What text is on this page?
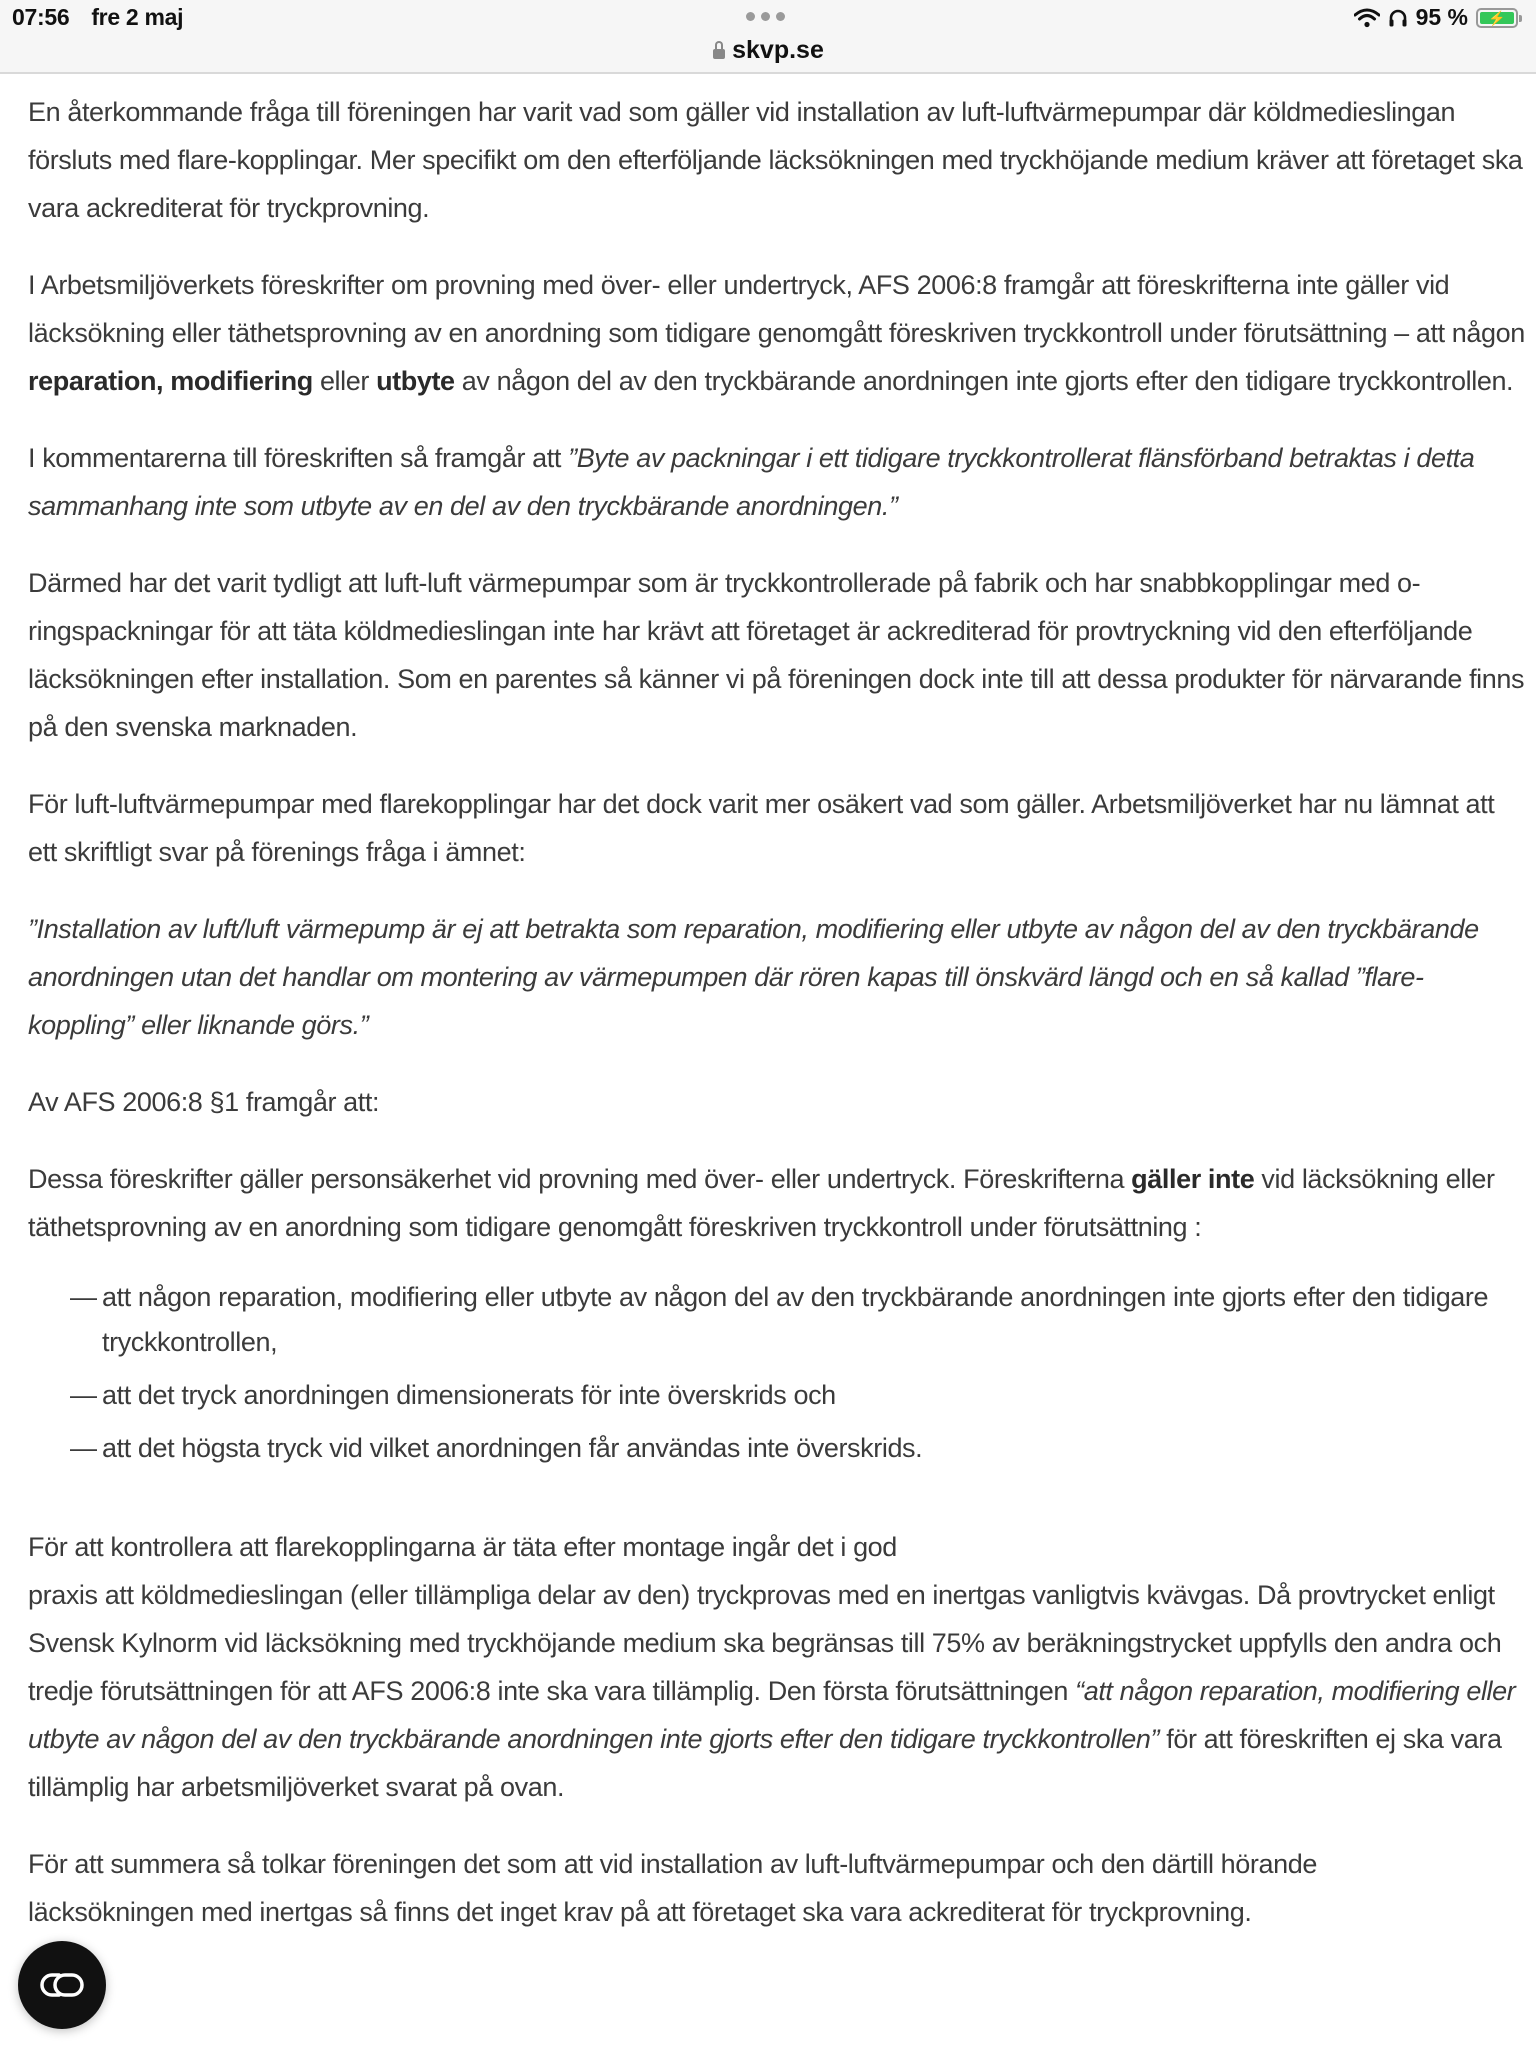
07:56 fre 2 maj
skvp.se
95 %	⚡

En återkommande fråga till föreningen har varit vad som gäller vid installation av luft-luftvärmepumpar där köldmedieslingan försluts med flare-kopplingar. Mer specifikt om den efterföljande läcksökningen med tryckhöjande medium kräver att företaget ska vara ackrediterat för tryckprovning.

I Arbetsmiljöverkets föreskrifter om provning med över- eller undertryck, AFS 2006:8 framgår att föreskrifterna inte gäller vid läcksökning eller täthetsprovning av en anordning som tidigare genomgått föreskriven tryckkontroll under förutsättning – att någon reparation, modifiering eller utbyte av någon del av den tryckbärande anordningen inte gjorts efter den tidigare tryckkontrollen.

I kommentarerna till föreskriften så framgår att ”Byte av packningar i ett tidigare tryckkontrollerat flänsförband betraktas i detta sammanhang inte som utbyte av en del av den tryckbärande anordningen.”

Därmed har det varit tydligt att luft-luft värmepumpar som är tryckkontrollerade på fabrik och har snabbkopplingar med o-ringspackningar för att täta köldmedieslingan inte har krävt att företaget är ackrediterad för provtryckning vid den efterföljande läcksökningen efter installation. Som en parentes så känner vi på föreningen dock inte till att dessa produkter för närvarande finns på den svenska marknaden.

För luft-luftvärmepumpar med flarekopplingar har det dock varit mer osäkert vad som gäller. Arbetsmiljöverket har nu lämnat att ett skriftligt svar på förenings fråga i ämnet:

”Installation av luft/luft värmepump är ej att betrakta som reparation, modifiering eller utbyte av någon del av den tryckbärande anordningen utan det handlar om montering av värmepumpen där rören kapas till önskvärd längd och en så kallad ”flare-koppling” eller liknande görs.”

Av AFS 2006:8 §1 framgår att:

Dessa föreskrifter gäller personsäkerhet vid provning med över- eller undertryck. Föreskrifterna gäller inte vid läcksökning eller täthetsprovning av en anordning som tidigare genomgått föreskriven tryckkontroll under förutsättning :

— att någon reparation, modifiering eller utbyte av någon del av den tryckbärande anordningen inte gjorts efter den tidigare tryckkontrollen,
— att det tryck anordningen dimensionerats för inte överskrids och
— att det högsta tryck vid vilket anordningen får användas inte överskrids.

För att kontrollera att flarekopplingarna är täta efter montage ingår det i god
praxis att köldmedieslingan (eller tillämpliga delar av den) tryckprovas med en inertgas vanligtvis kvävgas. Då provtrycket enligt Svensk Kylnorm vid läcksökning med tryckhöjande medium ska begränsas till 75% av beräkningstrycket uppfylls den andra och tredje förutsättningen för att AFS 2006:8 inte ska vara tillämplig. Den första förutsättningen “att någon reparation, modifiering eller utbyte av någon del av den tryckbärande anordningen inte gjorts efter den tidigare tryckkontrollen” för att föreskriften ej ska vara tillämplig har arbetsmiljöverket svarat på ovan.

För att summera så tolkar föreningen det som att vid installation av luft-luftvärmepumpar och den därtill hörande läcksökningen med inertgas så finns det inget krav på att företaget ska vara ackrediterat för tryckprovning.
